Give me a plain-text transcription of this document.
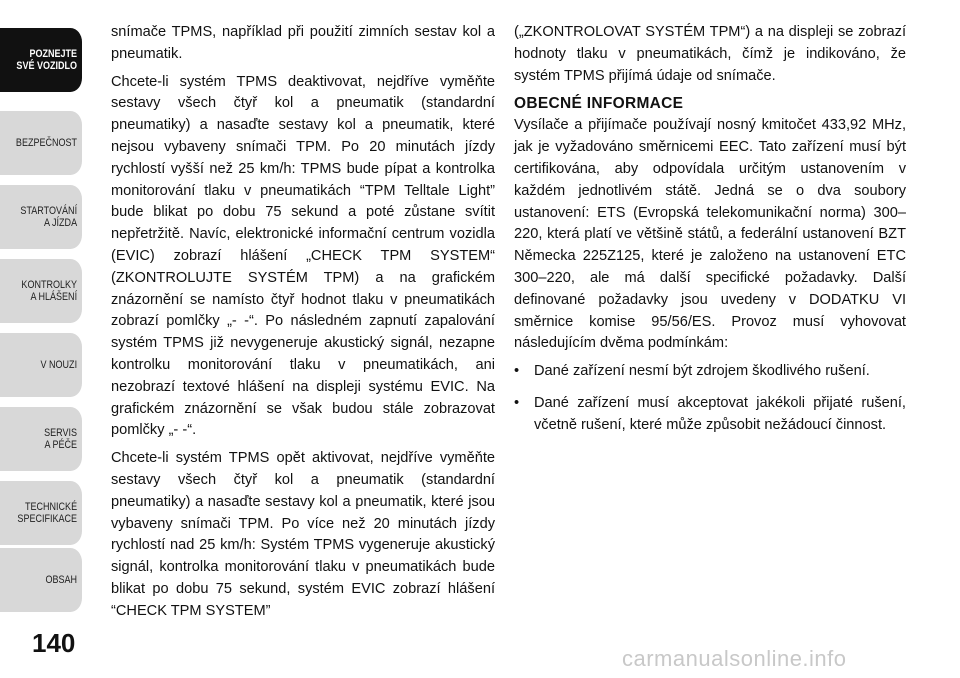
POZNEJTE
SVÉ VOZIDLO
BEZPEČNOST
STARTOVÁNÍ
A JÍZDA
KONTROLKY
A HLÁŠENÍ
V NOUZI
SERVIS
A PÉČE
TECHNICKÉ
SPECIFIKACE
OBSAH
140

snímače TPMS, například při použití zimních sestav kol a pneumatik.

Chcete-li systém TPMS deaktivovat, nejdříve vyměňte sestavy všech čtyř kol a pneumatik (standardní pneumatiky) a nasaďte sestavy kol a pneumatik, které nejsou vybaveny snímači TPM. Po 20 minutách jízdy rychlostí vyšší než 25 km/h: TPMS bude pípat a kontrolka monitorování tlaku v pneumatikách “TPM Telltale Light” bude blikat po dobu 75 sekund a poté zůstane svítit nepřetržitě. Navíc, elektronické informační centrum vozidla (EVIC) zobrazí hlášení „CHECK TPM SYSTEM“ (ZKONTROLUJTE SYSTÉM TPM) a na grafickém znázornění se namísto čtyř hodnot tlaku v pneumatikách zobrazí pomlčky „- -“. Po následném zapnutí zapalování systém TPMS již nevygeneruje akustický signál, nezapne kontrolku monitorování tlaku v pneumatikách, ani nezobrazí textové hlášení na displeji systému EVIC. Na grafickém znázornění se však budou stále zobrazovat pomlčky „- -“.

Chcete-li systém TPMS opět aktivovat, nejdříve vyměňte sestavy všech čtyř kol a pneumatik (standardní pneumatiky) a nasaďte sestavy kol a pneumatik, které jsou vybaveny snímači TPM. Po více než 20 minutách jízdy rychlostí nad 25 km/h: Systém TPMS vygeneruje akustický signál, kontrolka monitorování tlaku v pneumatikách bude blikat po dobu 75 sekund, systém EVIC zobrazí hlášení “CHECK TPM SYSTEM”

(„ZKONTROLOVAT SYSTÉM TPM“) a na displeji se zobrazí hodnoty tlaku v pneumatikách, čímž je indikováno, že systém TPMS přijímá údaje od snímače.

OBECNÉ INFORMACE

Vysílače a přijímače používají nosný kmitočet 433,92 MHz, jak je vyžadováno směrnicemi EEC. Tato zařízení musí být certifikována, aby odpovídala určitým ustanovením v každém jednotlivém státě. Jedná se o dva soubory ustanovení: ETS (Evropská telekomunikační norma) 300–220, která platí ve většině států, a federální ustanovení BZT Německa 225Z125, které je založeno na ustanovení ETC 300–220, ale má další specifické požadavky. Další definované požadavky jsou uvedeny v DODATKU VI směrnice komise 95/56/ES. Provoz musí vyhovovat následujícím dvěma podmínkám:

• Dané zařízení nesmí být zdrojem škodlivého rušení.
• Dané zařízení musí akceptovat jakékoli přijaté rušení, včetně rušení, které může způsobit nežádoucí činnost.
carmanualsonline.info
